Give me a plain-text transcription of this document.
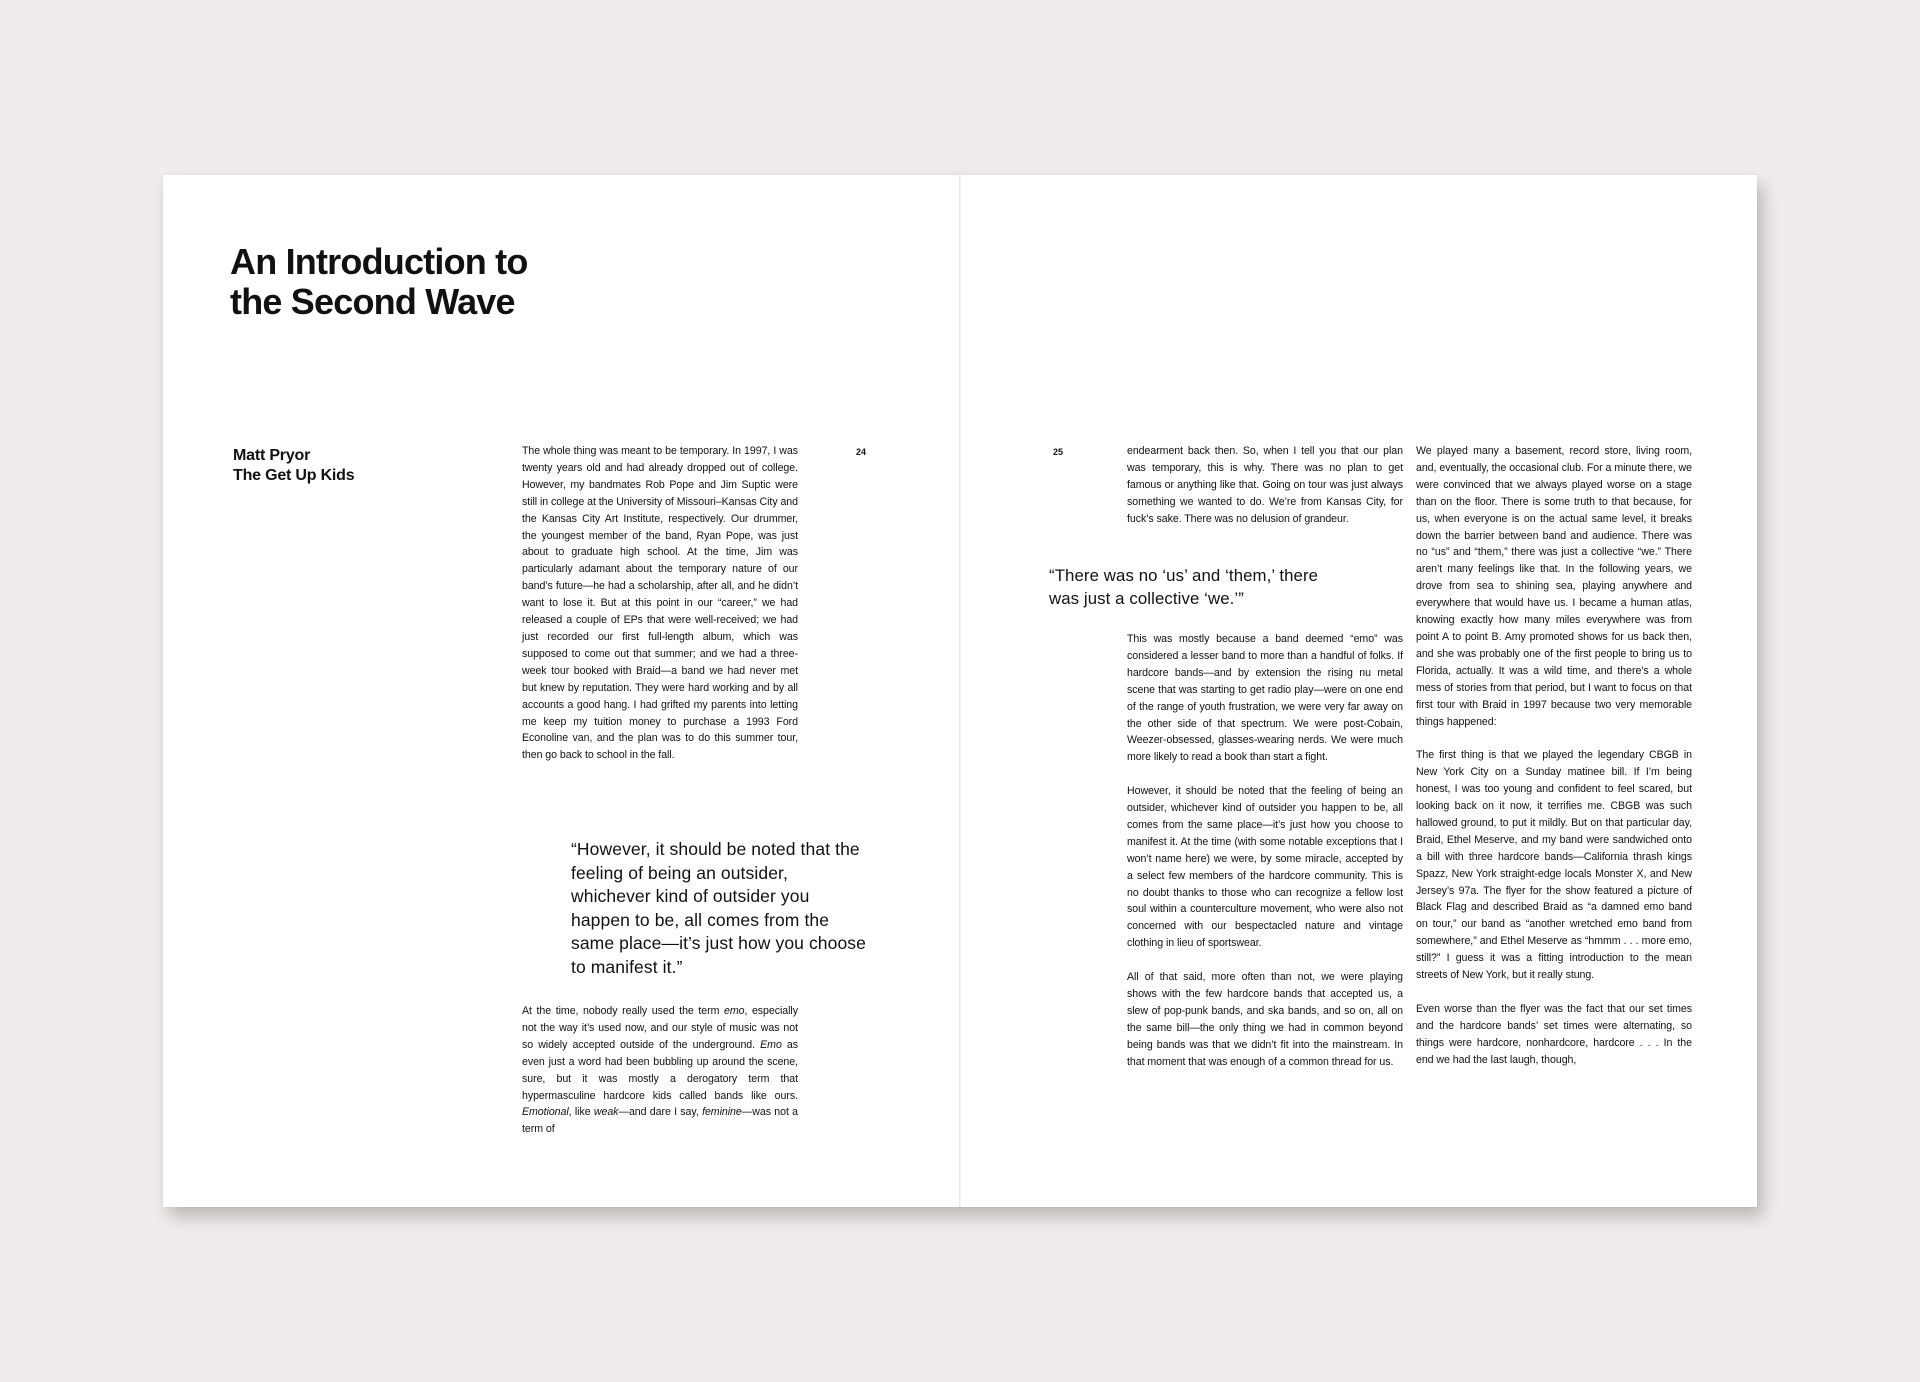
An Introduction to
the Second Wave
Matt Pryor
The Get Up Kids
24

The whole thing was meant to be temporary. In 1997, I was twenty years old and had already dropped out of college. However, my bandmates Rob Pope and Jim Suptic were still in college at the University of Missouri–Kansas City and the Kansas City Art Institute, respectively. Our drummer, the youngest member of the band, Ryan Pope, was just about to graduate high school. At the time, Jim was particularly adamant about the temporary nature of our band’s future—he had a scholarship, after all, and he didn’t want to lose it. But at this point in our “career,” we had released a couple of EPs that were well-received; we had just recorded our first full-length album, which was supposed to come out that summer; and we had a three-week tour booked with Braid—a band we had never met but knew by reputation. They were hard working and by all accounts a good hang. I had grifted my parents into letting me keep my tuition money to purchase a 1993 Ford Econoline van, and the plan was to do this summer tour, then go back to school in the fall.

“However, it should be noted that the feeling of being an outsider, whichever kind of outsider you happen to be, all comes from the same place—it’s just how you choose to manifest it.”

At the time, nobody really used the term emo, especially not the way it’s used now, and our style of music was not so widely accepted outside of the underground. Emo as even just a word had been bubbling up around the scene, sure, but it was mostly a derogatory term that hypermasculine hardcore kids called bands like ours. Emotional, like weak—and dare I say, feminine—was not a term of

25	endearment back then. So, when I tell you that our plan was temporary, this is why. There was no plan to get famous or anything like that. Going on tour was just always something we wanted to do. We’re from Kansas City, for fuck’s sake. There was no delusion of grandeur.

“There was no ‘us’ and ‘them,’ there was just a collective ‘we.’”

This was mostly because a band deemed “emo” was considered a lesser band to more than a handful of folks. If hardcore bands—and by extension the rising nu metal scene that was starting to get radio play—were on one end of the range of youth frustration, we were very far away on the other side of that spectrum. We were post-Cobain, Weezer-obsessed, glasses-wearing nerds. We were much more likely to read a book than start a fight.

However, it should be noted that the feeling of being an outsider, whichever kind of outsider you happen to be, all comes from the same place—it’s just how you choose to manifest it. At the time (with some notable exceptions that I won’t name here) we were, by some miracle, accepted by a select few members of the hardcore community. This is no doubt thanks to those who can recognize a fellow lost soul within a counterculture movement, who were also not concerned with our bespectacled nature and vintage clothing in lieu of sportswear.

All of that said, more often than not, we were playing shows with the few hardcore bands that accepted us, a slew of pop-punk bands, and ska bands, and so on, all on the same bill—the only thing we had in common beyond being bands was that we didn’t fit into the mainstream. In that moment that was enough of a common thread for us.

We played many a basement, record store, living room, and, eventually, the occasional club. For a minute there, we were convinced that we always played worse on a stage than on the floor. There is some truth to that because, for us, when everyone is on the actual same level, it breaks down the barrier between band and audience. There was no “us” and “them,” there was just a collective “we.” There aren’t many feelings like that. In the following years, we drove from sea to shining sea, playing anywhere and everywhere that would have us. I became a human atlas, knowing exactly how many miles everywhere was from point A to point B. Amy promoted shows for us back then, and she was probably one of the first people to bring us to Florida, actually. It was a wild time, and there’s a whole mess of stories from that period, but I want to focus on that first tour with Braid in 1997 because two very memorable things happened:

The first thing is that we played the legendary CBGB in New York City on a Sunday matinee bill. If I’m being honest, I was too young and confident to feel scared, but looking back on it now, it terrifies me. CBGB was such hallowed ground, to put it mildly. But on that particular day, Braid, Ethel Meserve, and my band were sandwiched onto a bill with three hardcore bands—California thrash kings Spazz, New York straight-edge locals Monster X, and New Jersey’s 97a. The flyer for the show featured a picture of Black Flag and described Braid as “a damned emo band on tour,” our band as “another wretched emo band from somewhere,” and Ethel Meserve as “hmmm . . . more emo, still?” I guess it was a fitting introduction to the mean streets of New York, but it really stung.

Even worse than the flyer was the fact that our set times and the hardcore bands’ set times were alternating, so things were hardcore, nonhardcore, hardcore . . . In the end we had the last laugh, though,
